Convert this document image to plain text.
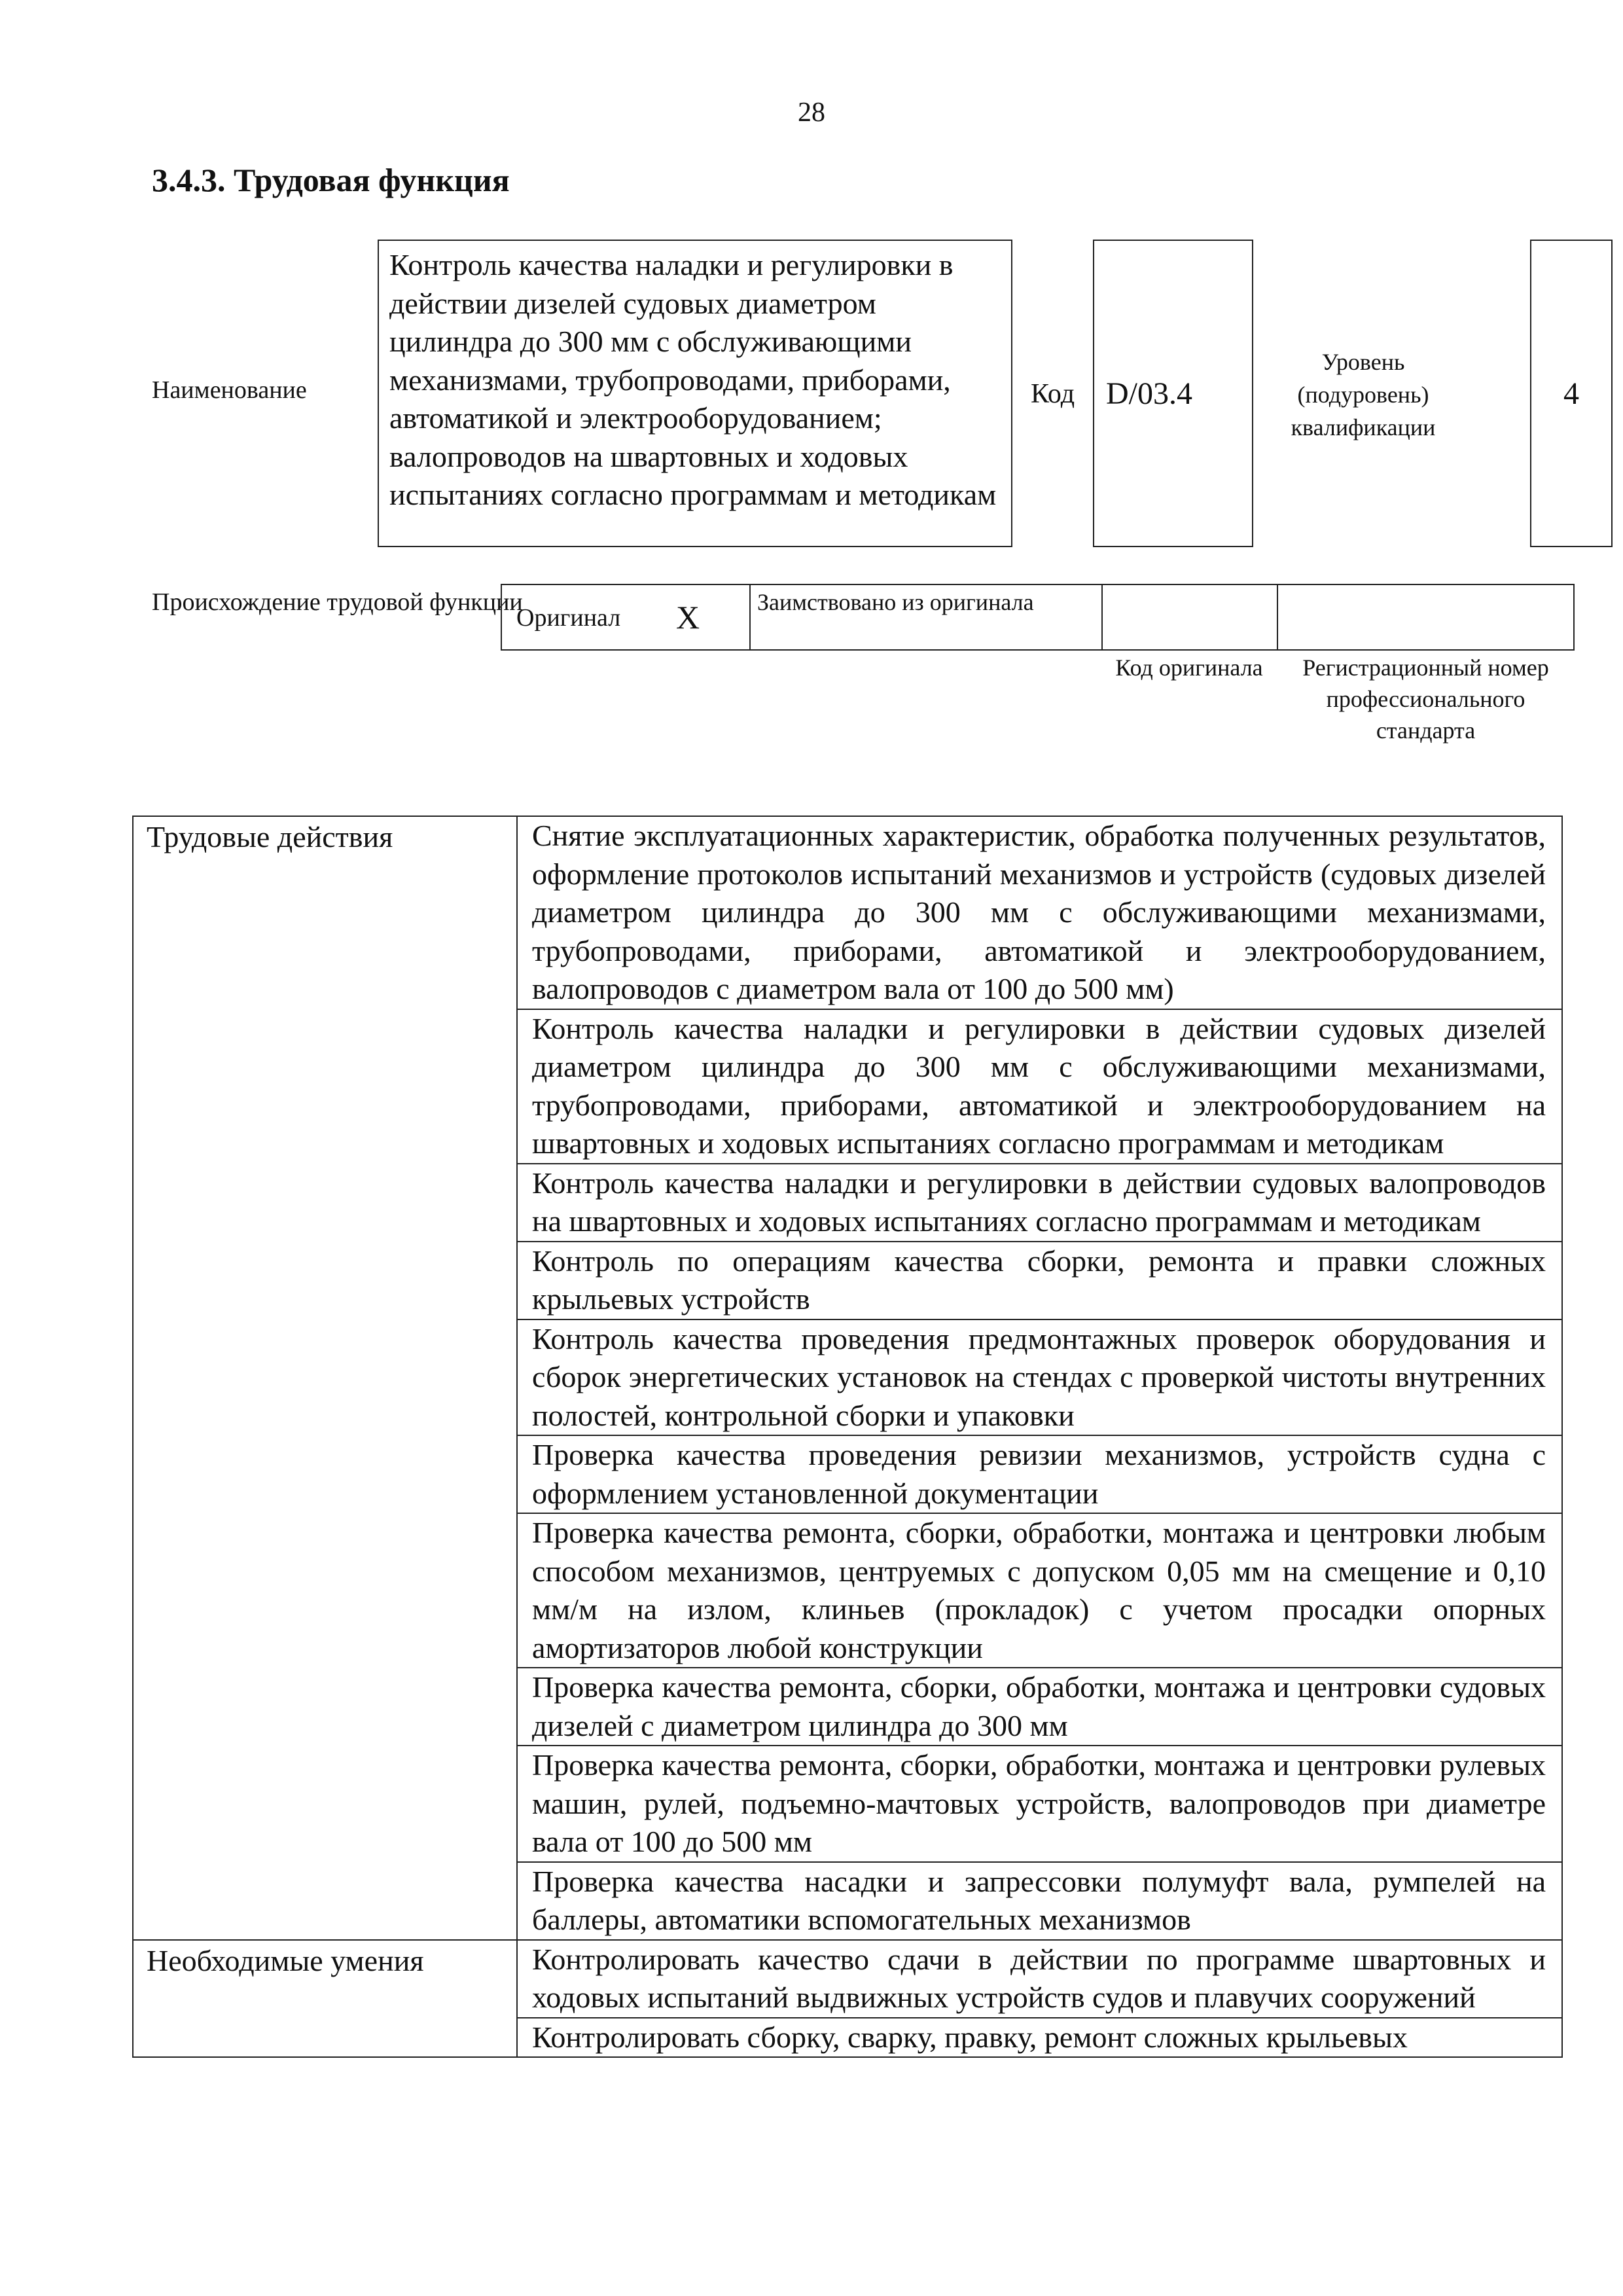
28
3.4.3. Трудовая функция
Наименование
Контроль качества наладки и регулировки в действии дизелей судовых диаметром цилиндра до 300 мм с обслуживающими механизмами, трубопроводами, приборами, автоматикой и электрооборудованием; валопроводов на швартовных и ходовых испытаниях согласно программам и методикам
Код D/03.4
Уровень (подуровень) квалификации
4
Происхождение трудовой функции
Оригинал X Заимствовано из оригинала
Код оригинала	Регистрационный номер профессионального стандарта
Трудовые действия	Снятие эксплуатационных характеристик, обработка полученных результатов, оформление протоколов испытаний механизмов и устройств (судовых дизелей диаметром цилиндра до 300 мм с обслуживающими механизмами, трубопроводами, приборами, автоматикой и электрооборудованием, валопроводов с диаметром вала от 100 до 500 мм)
	Контроль качества наладки и регулировки в действии судовых дизелей диаметром цилиндра до 300 мм с обслуживающими механизмами, трубопроводами, приборами, автоматикой и электрооборудованием на швартовных и ходовых испытаниях согласно программам и методикам
	Контроль качества наладки и регулировки в действии судовых валопроводов на швартовных и ходовых испытаниях согласно программам и методикам
	Контроль по операциям качества сборки, ремонта и правки сложных крыльевых устройств
	Контроль качества проведения предмонтажных проверок оборудования и сборок энергетических установок на стендах с проверкой чистоты внутренних полостей, контрольной сборки и упаковки
	Проверка качества проведения ревизии механизмов, устройств судна с оформлением установленной документации
	Проверка качества ремонта, сборки, обработки, монтажа и центровки любым способом механизмов, центруемых с допуском 0,05 мм на смещение и 0,10 мм/м на излом, клиньев (прокладок) с учетом просадки опорных амортизаторов любой конструкции
	Проверка качества ремонта, сборки, обработки, монтажа и центровки судовых дизелей с диаметром цилиндра до 300 мм
	Проверка качества ремонта, сборки, обработки, монтажа и центровки рулевых машин, рулей, подъемно-мачтовых устройств, валопроводов при диаметре вала от 100 до 500 мм
	Проверка качества насадки и запрессовки полумуфт вала, румпелей на баллеры, автоматики вспомогательных механизмов
Необходимые умения	Контролировать качество сдачи в действии по программе швартовных и ходовых испытаний выдвижных устройств судов и плавучих сооружений
	Контролировать сборку, сварку, правку, ремонт сложных крыльевых
